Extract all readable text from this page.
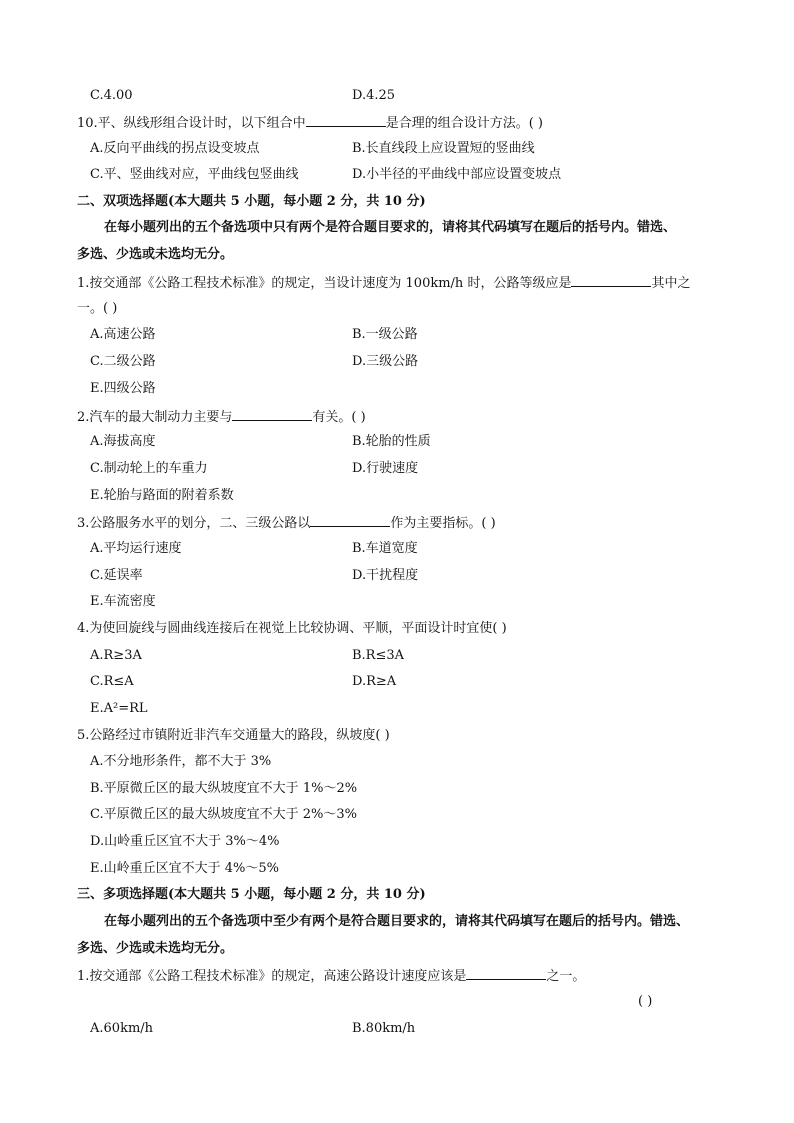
C.4.00	D.4.25
10.平、纵线形组合设计时，以下组合中	是合理的组合设计方法。( )
A.反向平曲线的拐点设变坡点	B.长直线段上应设置短的竖曲线
C.平、竖曲线对应，平曲线包竖曲线	D.小半径的平曲线中部应设置变坡点
二、双项选择题(本大题共 5 小题，每小题 2 分，共 10 分)
在每小题列出的五个备选项中只有两个是符合题目要求的，请将其代码填写在题后的括号内。错选、
多选、少选或未选均无分。
1.按交通部《公路工程技术标准》的规定，当设计速度为 100km/h 时，公路等级应是	其中之
一。( )
A.高速公路	B.一级公路
C.二级公路	D.三级公路
E.四级公路
2.汽车的最大制动力主要与	有关。( )
A.海拔高度	B.轮胎的性质
C.制动轮上的车重力	D.行驶速度
E.轮胎与路面的附着系数
3.公路服务水平的划分，二、三级公路以	作为主要指标。( )
A.平均运行速度	B.车道宽度
C.延误率	D.干扰程度
E.车流密度
4.为使回旋线与圆曲线连接后在视觉上比较协调、平顺，平面设计时宜使( )
A.R≥3A	B.R≤3A
C.R≤A	D.R≥A
E.A²=RL
5.公路经过市镇附近非汽车交通量大的路段，纵坡度( )
A.不分地形条件，都不大于 3%
B.平原微丘区的最大纵坡度宜不大于 1%～2%
C.平原微丘区的最大纵坡度宜不大于 2%～3%
D.山岭重丘区宜不大于 3%～4%
E.山岭重丘区宜不大于 4%～5%
三、多项选择题(本大题共 5 小题，每小题 2 分，共 10 分)
在每小题列出的五个备选项中至少有两个是符合题目要求的，请将其代码填写在题后的括号内。错选、
多选、少选或未选均无分。
1.按交通部《公路工程技术标准》的规定，高速公路设计速度应该是	之一。
( )
A.60km/h	B.80km/h
